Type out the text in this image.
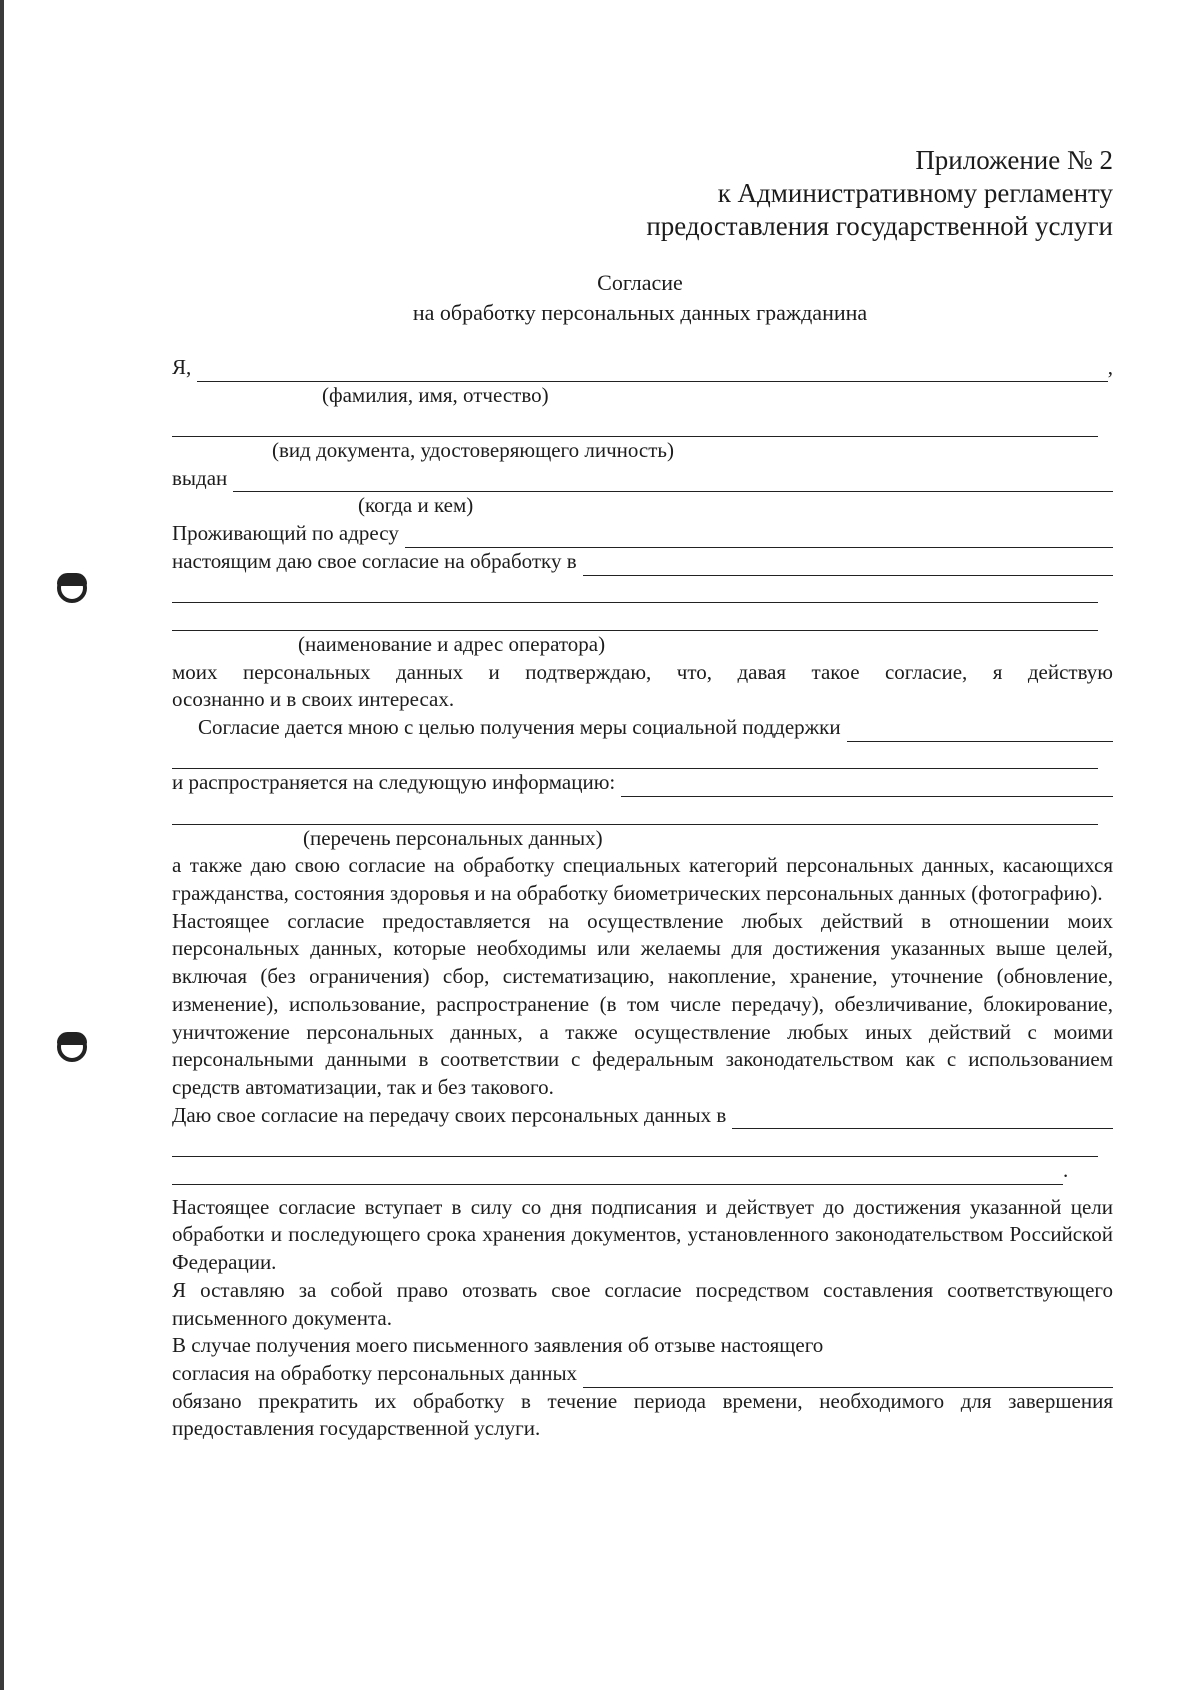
Приложение № 2
к Административному регламенту
предоставления государственной услуги
Согласие
на обработку персональных данных гражданина
Я,	,
(фамилия, имя, отчество)
(вид документа, удостоверяющего личность)
выдан
(когда и кем)
Проживающий по адресу
настоящим даю свое согласие на обработку в
(наименование и адрес оператора)
моих персональных данных и подтверждаю, что, давая такое согласие, я действую
осознанно и в своих интересах.
Согласие дается мною с целью получения меры социальной поддержки
и распространяется на следующую информацию:
(перечень персональных данных)
а также даю свою согласие на обработку специальных категорий персональных данных, касающихся гражданства, состояния здоровья и на обработку биометрических персональных данных (фотографию).
Настоящее согласие предоставляется на осуществление любых действий в отношении моих персональных данных, которые необходимы или желаемы для достижения указанных выше целей, включая (без ограничения) сбор, систематизацию, накопление, хранение, уточнение (обновление, изменение), использование, распространение (в том числе передачу), обезличивание, блокирование, уничтожение персональных данных, а также осуществление любых иных действий с моими персональными данными в соответствии с федеральным законодательством как с использованием средств автоматизации, так и без такового.
Даю свое согласие на передачу своих персональных данных в
.
Настоящее согласие вступает в силу со дня подписания и действует до достижения указанной цели обработки и последующего срока хранения документов, установленного законодательством Российской Федерации.
Я оставляю за собой право отозвать свое согласие посредством составления соответствующего письменного документа.
В случае получения моего письменного заявления об отзыве настоящего
согласия на обработку персональных данных
обязано прекратить их обработку в течение периода времени, необходимого для завершения предоставления государственной услуги.
